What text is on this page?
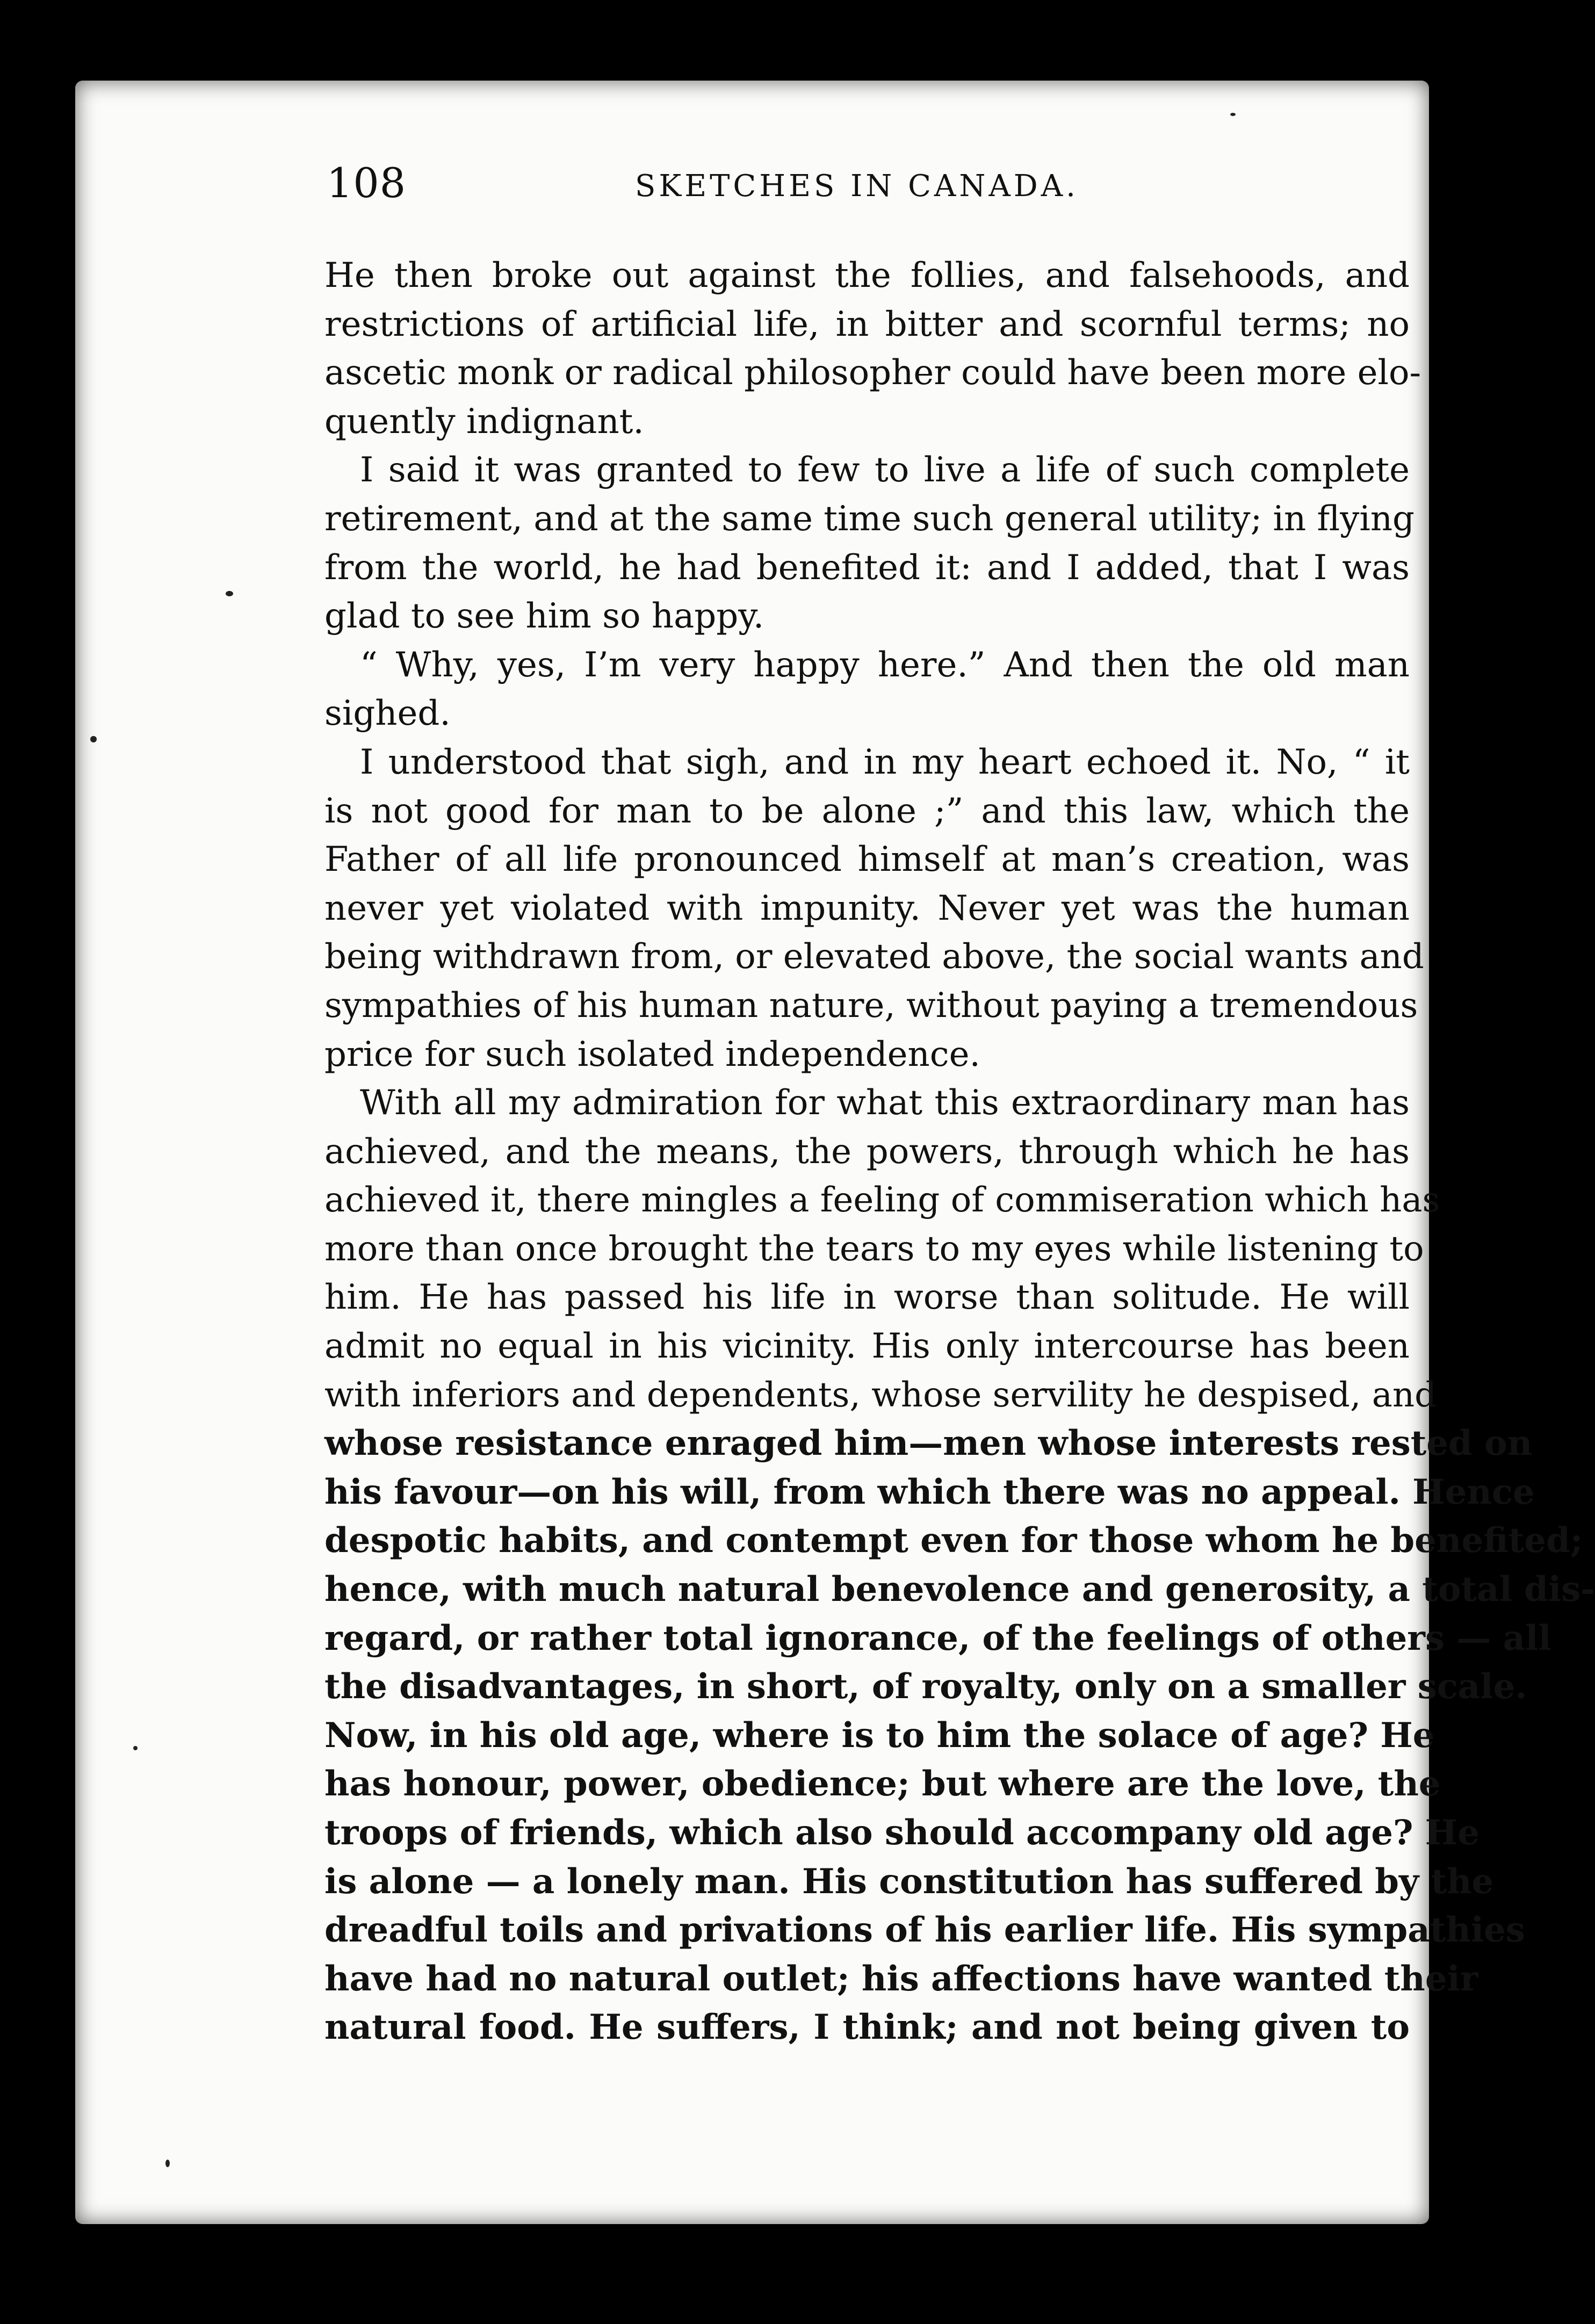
108	SKETCHES IN CANADA.
He then broke out against the follies, and falsehoods, and
restrictions of artificial life, in bitter and scornful terms; no
ascetic monk or radical philosopher could have been more elo-
quently indignant.
I said it was granted to few to live a life of such complete
retirement, and at the same time such general utility; in flying
from the world, he had benefited it: and I added, that I was
glad to see him so happy.
“ Why, yes, I’m very happy here.” And then the old man
sighed.
I understood that sigh, and in my heart echoed it. No, “ it
is not good for man to be alone ;” and this law, which the
Father of all life pronounced himself at man’s creation, was
never yet violated with impunity. Never yet was the human
being withdrawn from, or elevated above, the social wants and
sympathies of his human nature, without paying a tremendous
price for such isolated independence.
With all my admiration for what this extraordinary man has
achieved, and the means, the powers, through which he has
achieved it, there mingles a feeling of commiseration which has
more than once brought the tears to my eyes while listening to
him. He has passed his life in worse than solitude. He will
admit no equal in his vicinity. His only intercourse has been
with inferiors and dependents, whose servility he despised, and
whose resistance enraged him—men whose interests rested on
his favour—on his will, from which there was no appeal. Hence
despotic habits, and contempt even for those whom he benefited;
hence, with much natural benevolence and generosity, a total dis-
regard, or rather total ignorance, of the feelings of others — all
the disadvantages, in short, of royalty, only on a smaller scale.
Now, in his old age, where is to him the solace of age? He
has honour, power, obedience; but where are the love, the
troops of friends, which also should accompany old age? He
is alone — a lonely man. His constitution has suffered by the
dreadful toils and privations of his earlier life. His sympathies
have had no natural outlet; his affections have wanted their
natural food. He suffers, I think; and not being given to
